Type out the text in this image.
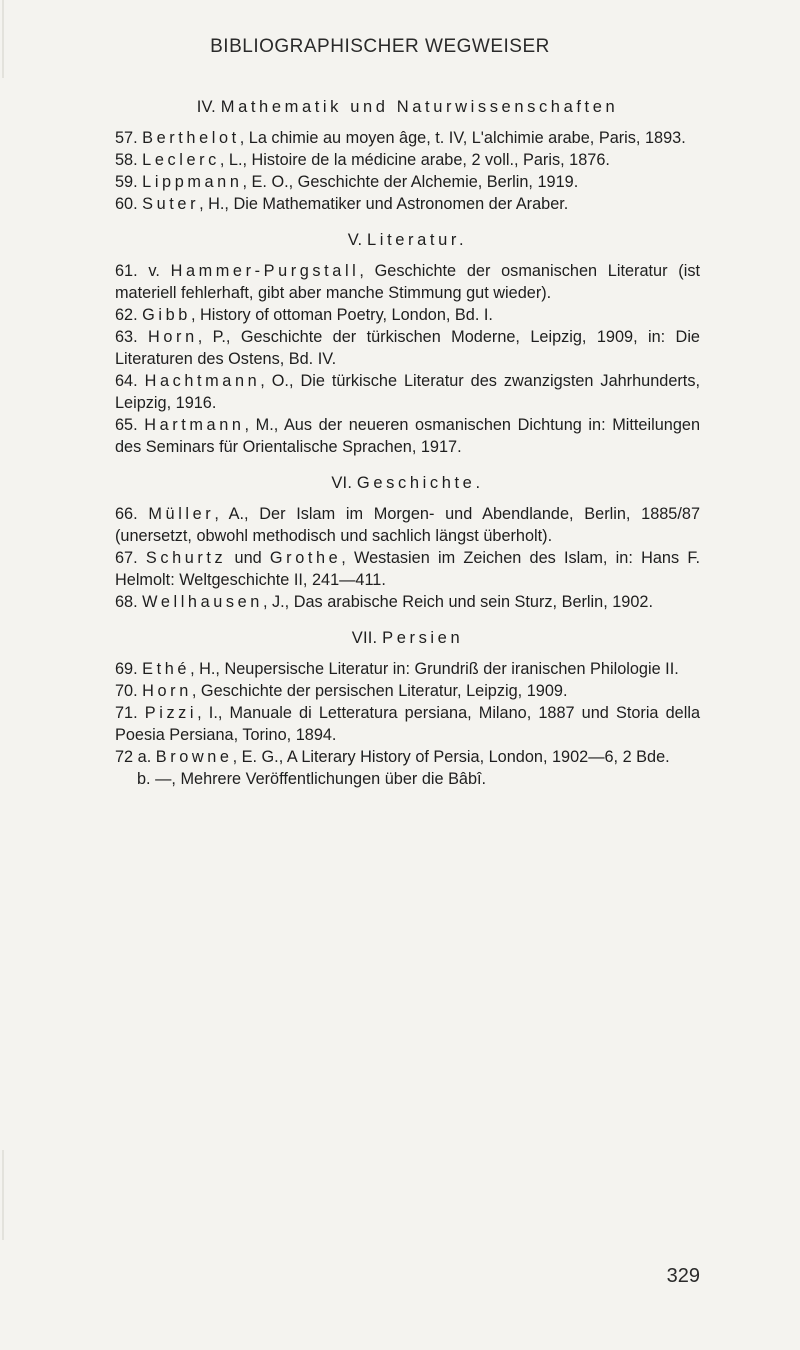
BIBLIOGRAPHISCHER WEGWEISER

IV. Mathematik und Naturwissenschaften

57. Berthelot, La chimie au moyen âge, t. IV, L'alchimie arabe, Paris, 1893.

58. Leclerc, L., Histoire de la médicine arabe, 2 voll., Paris, 1876.

59. Lippmann, E. O., Geschichte der Alchemie, Berlin, 1919.

60. Suter, H., Die Mathematiker und Astronomen der Araber.

V. Literatur.

61. v. Hammer-Purgstall, Geschichte der osmanischen Literatur (ist materiell fehlerhaft, gibt aber manche Stimmung gut wieder).

62. Gibb, History of ottoman Poetry, London, Bd. I.

63. Horn, P., Geschichte der türkischen Moderne, Leipzig, 1909, in: Die Literaturen des Ostens, Bd. IV.

64. Hachtmann, O., Die türkische Literatur des zwanzigsten Jahrhunderts, Leipzig, 1916.

65. Hartmann, M., Aus der neueren osmanischen Dichtung in: Mitteilungen des Seminars für Orientalische Sprachen, 1917.

VI. Geschichte.

66. Müller, A., Der Islam im Morgen- und Abendlande, Berlin, 1885/87 (unersetzt, obwohl methodisch und sachlich längst überholt).

67. Schurtz und Grothe, Westasien im Zeichen des Islam, in: Hans F. Helmolt: Weltgeschichte II, 241—411.

68. Wellhausen, J., Das arabische Reich und sein Sturz, Berlin, 1902.

VII. Persien

69. Ethé, H., Neupersische Literatur in: Grundriß der iranischen Philologie II.

70. Horn, Geschichte der persischen Literatur, Leipzig, 1909.

71. Pizzi, I., Manuale di Letteratura persiana, Milano, 1887 und Storia della Poesia Persiana, Torino, 1894.

72 a. Browne, E. G., A Literary History of Persia, London, 1902—6, 2 Bde.

b. —, Mehrere Veröffentlichungen über die Bâbî.

329
